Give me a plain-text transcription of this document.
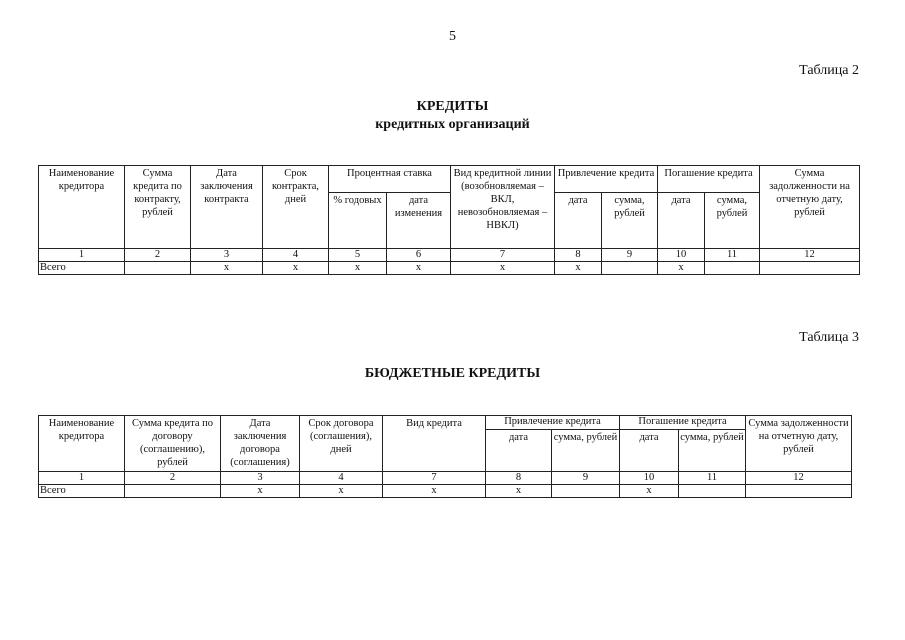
5
Таблица 2
КРЕДИТЫ
кредитных организаций
Наименование кредитора	Сумма кредита по контракту, рублей	Дата заключения контракта	Срок контракта, дней	Процентная ставка		Вид кредитной линии (возобновляемая – ВКЛ, невозобновляемая – НВКЛ)	Привлечение кредита		Погашение кредита		Сумма задолженности на отчетную дату, рублей
				% годовых	дата изменения		дата	сумма, рублей	дата	сумма, рублей	
1	2	3	4	5	6	7	8	9	10	11	12
Всего		x	x	x	x	x	x		x		
Таблица 3
БЮДЖЕТНЫЕ КРЕДИТЫ
Наименование кредитора	Сумма кредита по договору (соглашению), рублей	Дата заключения договора (соглашения)	Срок договора (соглашения), дней	Вид кредита	Привлечение кредита		Погашение кредита		Сумма задолженности на отчетную дату, рублей
					дата	сумма, рублей	дата	сумма, рублей	
1	2	3	4	7	8	9	10	11	12
Всего		x	x	x	x		x		
